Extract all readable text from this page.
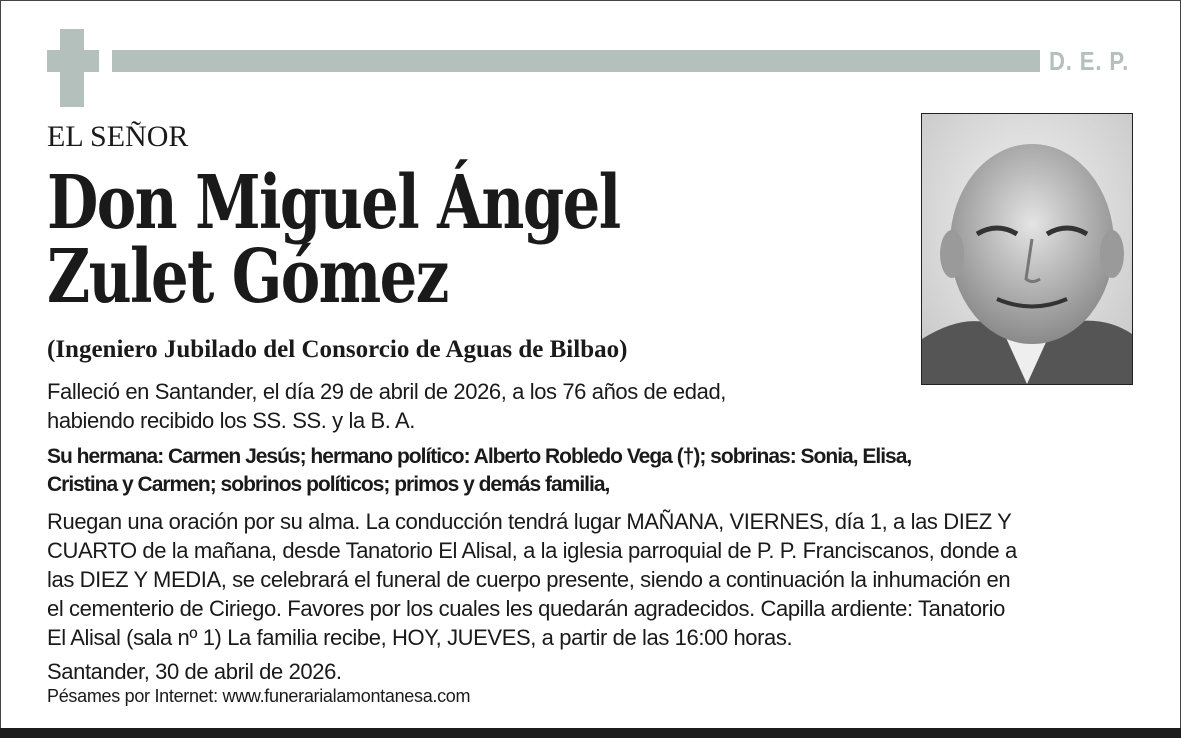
D. E. P.
EL SEÑOR
Don Miguel Ángel
Zulet Gómez
(Ingeniero Jubilado del Consorcio de Aguas de Bilbao)
Falleció en Santander, el día 29 de abril de 2026, a los 76 años de edad,
habiendo recibido los SS. SS. y la B. A.
Su hermana: Carmen Jesús; hermano político: Alberto Robledo Vega (†); sobrinas: Sonia, Elisa,
Cristina y Carmen; sobrinos políticos; primos y demás familia,
Ruegan una oración por su alma. La conducción tendrá lugar MAÑANA, VIERNES, día 1, a las DIEZ Y
CUARTO de la mañana, desde Tanatorio El Alisal, a la iglesia parroquial de P. P. Franciscanos, donde a
las DIEZ Y MEDIA, se celebrará el funeral de cuerpo presente, siendo a continuación la inhumación en
el cementerio de Ciriego. Favores por los cuales les quedarán agradecidos. Capilla ardiente: Tanatorio
El Alisal (sala nº 1) La familia recibe, HOY, JUEVES, a partir de las 16:00 horas.
Santander, 30 de abril de 2026.
Pésames por Internet: www.funerarialamontanesa.com
